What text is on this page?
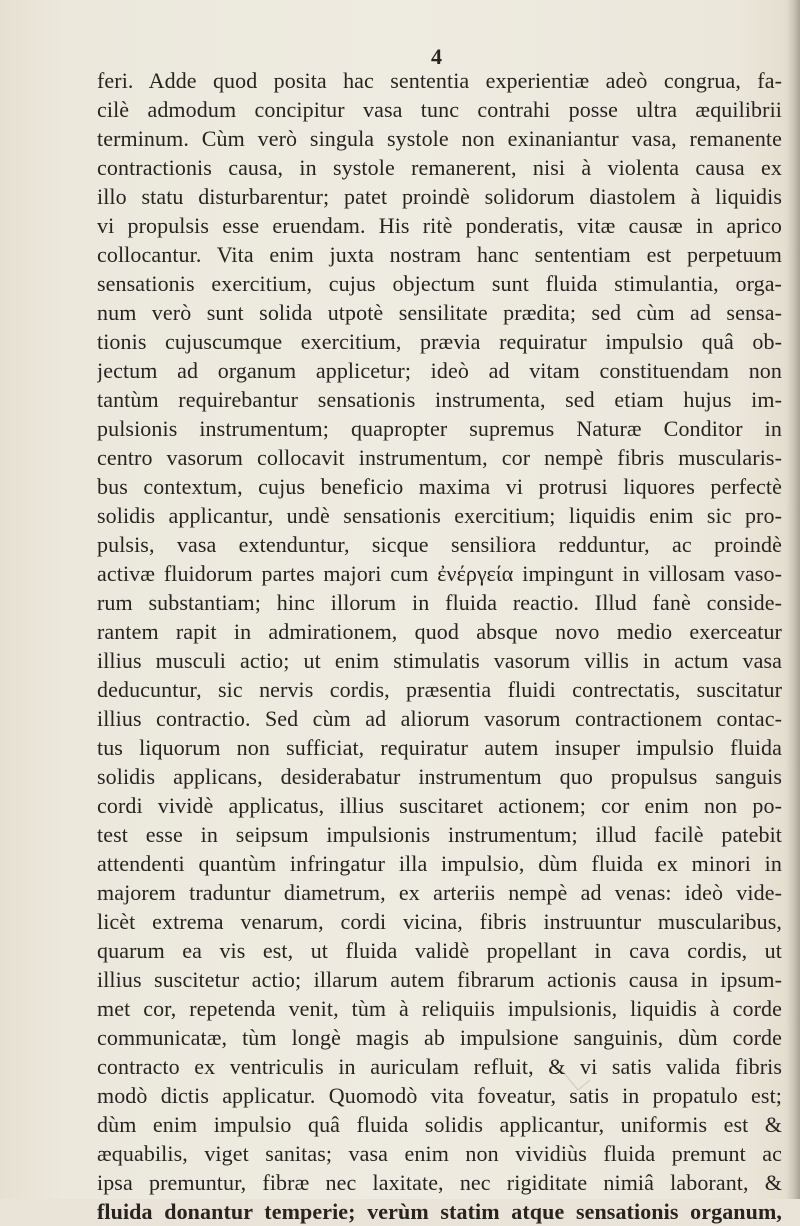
4
feri. Adde quod posita hac sententia experientiæ adeò congrua, fa-
cilè admodum concipitur vasa tunc contrahi posse ultra æquilibrii
terminum. Cùm verò singula systole non exinaniantur vasa, remanente
contractionis causa, in systole remanerent, nisi à violenta causa ex
illo statu disturbarentur; patet proindè solidorum diastolem à liquidis
vi propulsis esse eruendam. His ritè ponderatis, vitæ causæ in aprico
collocantur. Vita enim juxta nostram hanc sententiam est perpetuum
sensationis exercitium, cujus objectum sunt fluida stimulantia, orga-
num verò sunt solida utpotè sensilitate prædita; sed cùm ad sensa-
tionis cujuscumque exercitium, prævia requiratur impulsio quâ ob-
jectum ad organum applicetur; ideò ad vitam constituendam non
tantùm requirebantur sensationis instrumenta, sed etiam hujus im-
pulsionis instrumentum; quapropter supremus Naturæ Conditor in
centro vasorum collocavit instrumentum, cor nempè fibris muscularis-
bus contextum, cujus beneficio maxima vi protrusi liquores perfectè
solidis applicantur, undè sensationis exercitium; liquidis enim sic pro-
pulsis, vasa extenduntur, sicque sensiliora redduntur, ac proindè
activæ fluidorum partes majori cum ἐνέργεία impingunt in villosam vaso-
rum substantiam; hinc illorum in fluida reactio. Illud fanè conside-
rantem rapit in admirationem, quod absque novo medio exerceatur
illius musculi actio; ut enim stimulatis vasorum villis in actum vasa
deducuntur, sic nervis cordis, præsentia fluidi contrectatis, suscitatur
illius contractio. Sed cùm ad aliorum vasorum contractionem contac-
tus liquorum non sufficiat, requiratur autem insuper impulsio fluida
solidis applicans, desiderabatur instrumentum quo propulsus sanguis
cordi vividè applicatus, illius suscitaret actionem; cor enim non po-
test esse in seipsum impulsionis instrumentum; illud facilè patebit
attendenti quantùm infringatur illa impulsio, dùm fluida ex minori in
majorem traduntur diametrum, ex arteriis nempè ad venas: ideò vide-
licèt extrema venarum, cordi vicina, fibris instruuntur muscularibus,
quarum ea vis est, ut fluida validè propellant in cava cordis, ut
illius suscitetur actio; illarum autem fibrarum actionis causa in ipsum-
met cor, repetenda venit, tùm à reliquiis impulsionis, liquidis à corde
communicatæ, tùm longè magis ab impulsione sanguinis, dùm corde
contracto ex ventriculis in auriculam refluit, & vi satis valida fibris
modò dictis applicatur. Quomodò vita foveatur, satis in propatulo est;
dùm enim impulsio quâ fluida solidis applicantur, uniformis est &
æquabilis, viget sanitas; vasa enim non vividiùs fluida premunt ac
ipsa premuntur, fibræ nec laxitate, nec rigiditate nimiâ laborant, &
fluida donantur temperie; verùm statim atque sensationis organum,
